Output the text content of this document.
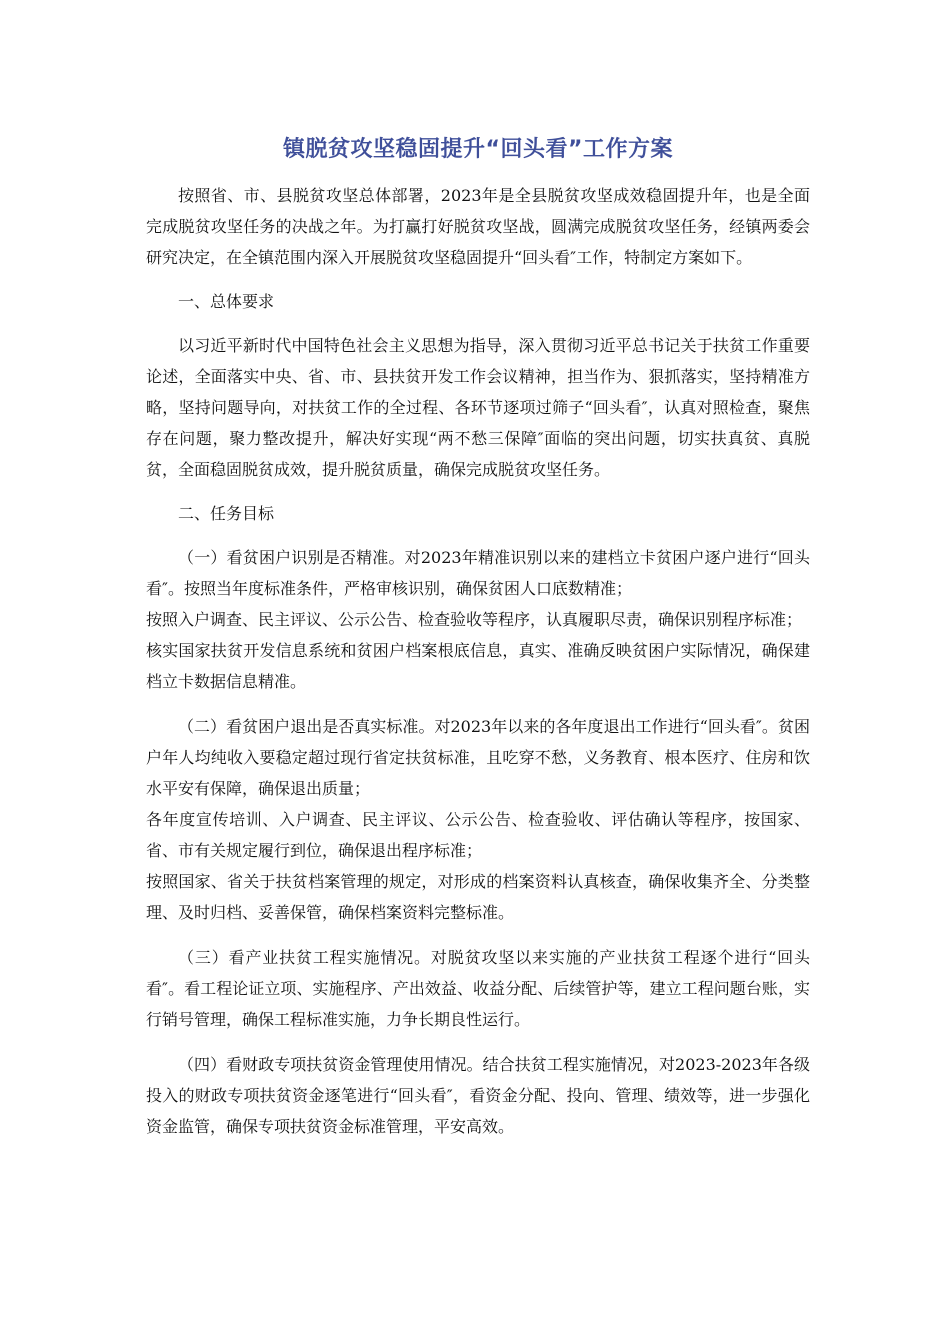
镇脱贫攻坚稳固提升“回头看”工作方案

按照省、市、县脱贫攻坚总体部署，2023年是全县脱贫攻坚成效稳固提升年，也是全面完成脱贫攻坚任务的决战之年。为打赢打好脱贫攻坚战，圆满完成脱贫攻坚任务，经镇两委会研究决定，在全镇范围内深入开展脱贫攻坚稳固提升“回头看″工作，特制定方案如下。

一、总体要求

以习近平新时代中国特色社会主义思想为指导，深入贯彻习近平总书记关于扶贫工作重要论述，全面落实中央、省、市、县扶贫开发工作会议精神，担当作为、狠抓落实，坚持精准方略，坚持问题导向，对扶贫工作的全过程、各环节逐项过筛子“回头看″，认真对照检查，聚焦存在问题，聚力整改提升，解决好实现“两不愁三保障″面临的突出问题，切实扶真贫、真脱贫，全面稳固脱贫成效，提升脱贫质量，确保完成脱贫攻坚任务。

二、任务目标

（一）看贫困户识别是否精准。对2023年精准识别以来的建档立卡贫困户逐户进行“回头看″。按照当年度标准条件，严格审核识别，确保贫困人口底数精准；

按照入户调查、民主评议、公示公告、检查验收等程序，认真履职尽责，确保识别程序标准；

核实国家扶贫开发信息系统和贫困户档案根底信息，真实、准确反映贫困户实际情况，确保建档立卡数据信息精准。

（二）看贫困户退出是否真实标准。对2023年以来的各年度退出工作进行“回头看″。贫困户年人均纯收入要稳定超过现行省定扶贫标准，且吃穿不愁，义务教育、根本医疗、住房和饮水平安有保障，确保退出质量；

各年度宣传培训、入户调查、民主评议、公示公告、检查验收、评估确认等程序，按国家、省、市有关规定履行到位，确保退出程序标准；

按照国家、省关于扶贫档案管理的规定，对形成的档案资料认真核查，确保收集齐全、分类整理、及时归档、妥善保管，确保档案资料完整标准。

（三）看产业扶贫工程实施情况。对脱贫攻坚以来实施的产业扶贫工程逐个进行“回头看″。看工程论证立项、实施程序、产出效益、收益分配、后续管护等，建立工程问题台账，实行销号管理，确保工程标准实施，力争长期良性运行。

（四）看财政专项扶贫资金管理使用情况。结合扶贫工程实施情况，对2023-2023年各级投入的财政专项扶贫资金逐笔进行“回头看″，看资金分配、投向、管理、绩效等，进一步强化资金监管，确保专项扶贫资金标准管理，平安高效。
